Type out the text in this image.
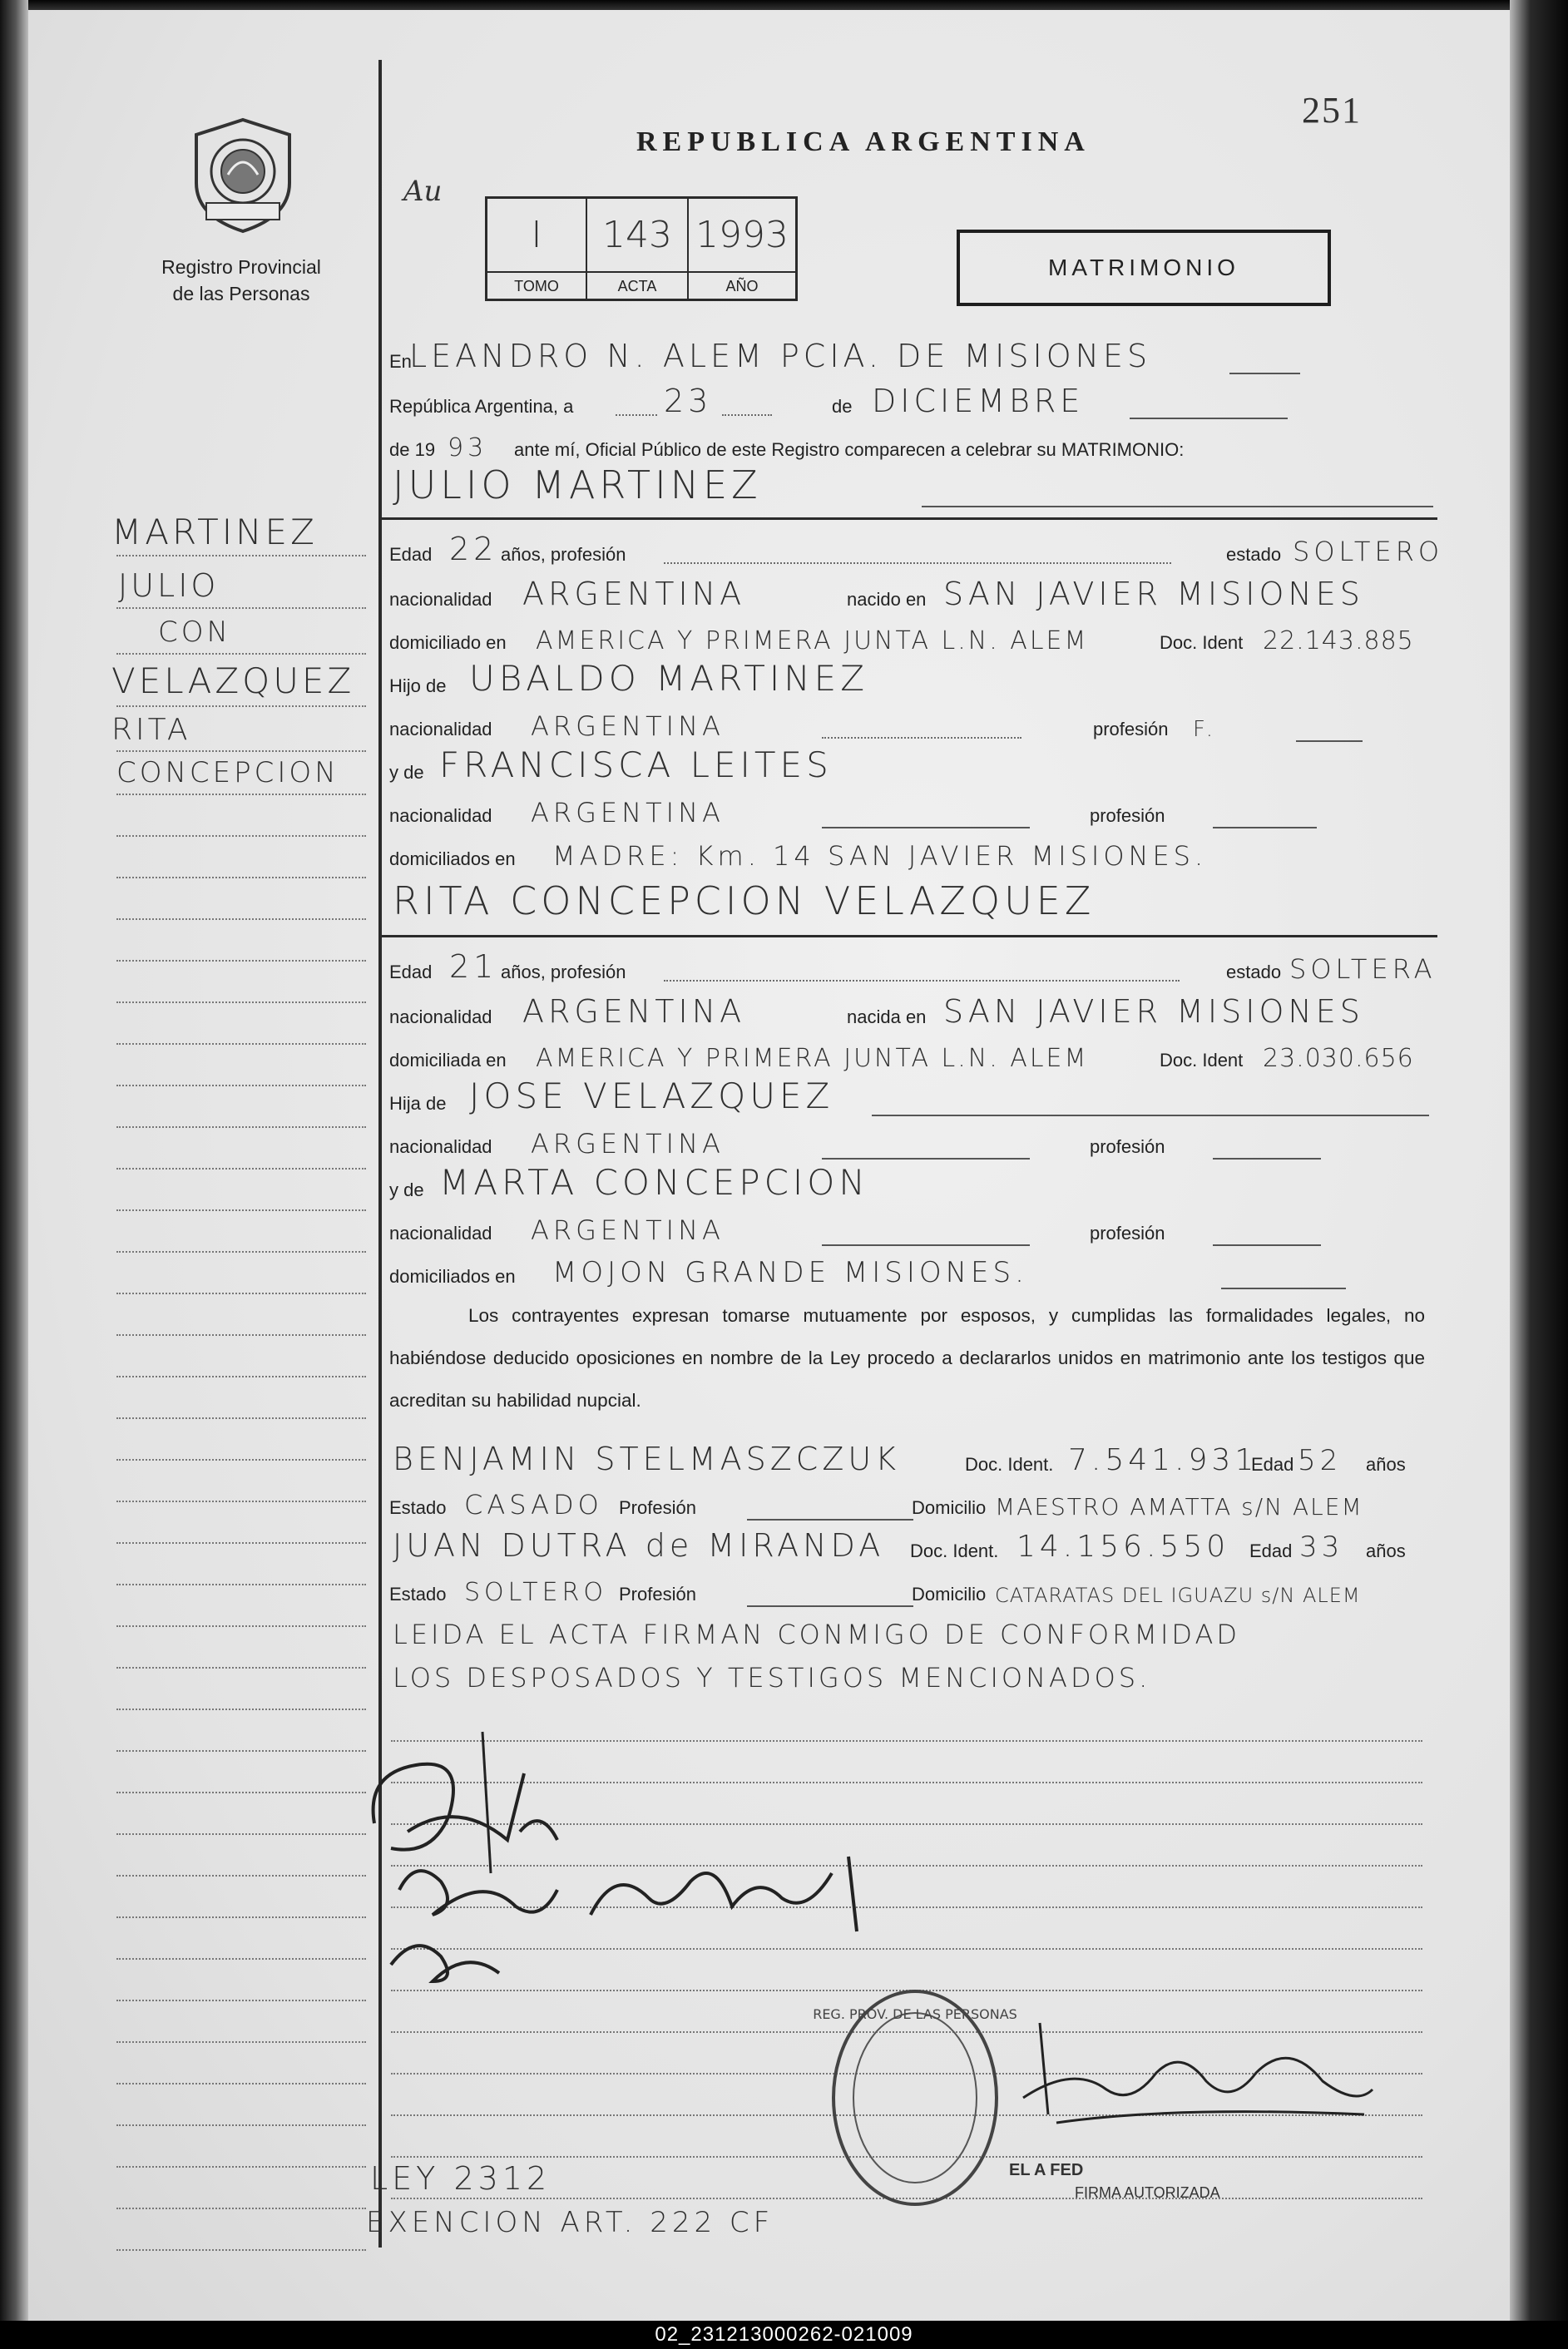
Registro Provincial
de las Personas
MARTINEZ
JULIO
CON
VELAZQUEZ
RITA
CONCEPCION
251
REPUBLICA ARGENTINA
Au
I
TOMO
143
ACTA
1993
AÑO
MATRIMONIO
En
LEANDRO N. ALEM PCIA. DE MISIONES
República Argentina, a	23	de DICIEMBRE
de 19 93 ante mí, Oficial Público de este Registro comparecen a celebrar su MATRIMONIO:
JULIO MARTINEZ
Edad 22 años, profesión	estado SOLTERO
nacionalidad ARGENTINA	nacido en SAN JAVIER MISIONES
domiciliado en AMERICA Y PRIMERA JUNTA L.N. ALEM	Doc. Ident 22.143.885
Hijo de UBALDO MARTINEZ
nacionalidad ARGENTINA	profesión F.
y de FRANCISCA LEITES
nacionalidad ARGENTINA	profesión
domiciliados en MADRE: Km. 14 SAN JAVIER MISIONES.
RITA CONCEPCION VELAZQUEZ
Edad 21 años, profesión	estado SOLTERA
nacionalidad ARGENTINA	nacida en SAN JAVIER MISIONES
domiciliada en AMERICA Y PRIMERA JUNTA L.N. ALEM	Doc. Ident 23.030.656
Hija de JOSE VELAZQUEZ
nacionalidad ARGENTINA	profesión
y de MARTA CONCEPCION
nacionalidad ARGENTINA	profesión
domiciliados en MOJON GRANDE MISIONES.
Los contrayentes expresan tomarse mutuamente por esposos, y cumplidas las formalidades legales, no habiéndose deducido oposiciones en nombre de la Ley procedo a declararlos unidos en matrimonio ante los testigos que acreditan su habilidad nupcial.
BENJAMIN STELMASZCZUK	Doc. Ident. 7.541.931
Edad 52 años
Estado CASADO Profesión	Domicilio MAESTRO AMATTA s/N ALEM
JUAN DUTRA de MIRANDA Doc. Ident. 14.156.550 Edad 33 años
Estado SOLTERO Profesión	Domicilio CATARATAS DEL IGUAZU s/N ALEM
LEIDA EL ACTA FIRMAN CONMIGO DE CONFORMIDAD
LOS DESPOSADOS Y TESTIGOS MENCIONADOS.
REG. PROV. DE LAS PERSONAS
EL A FED
FIRMA AUTORIZADA
LEY 2312
EXENCION ART. 222 CF
02_231213000262-021009
